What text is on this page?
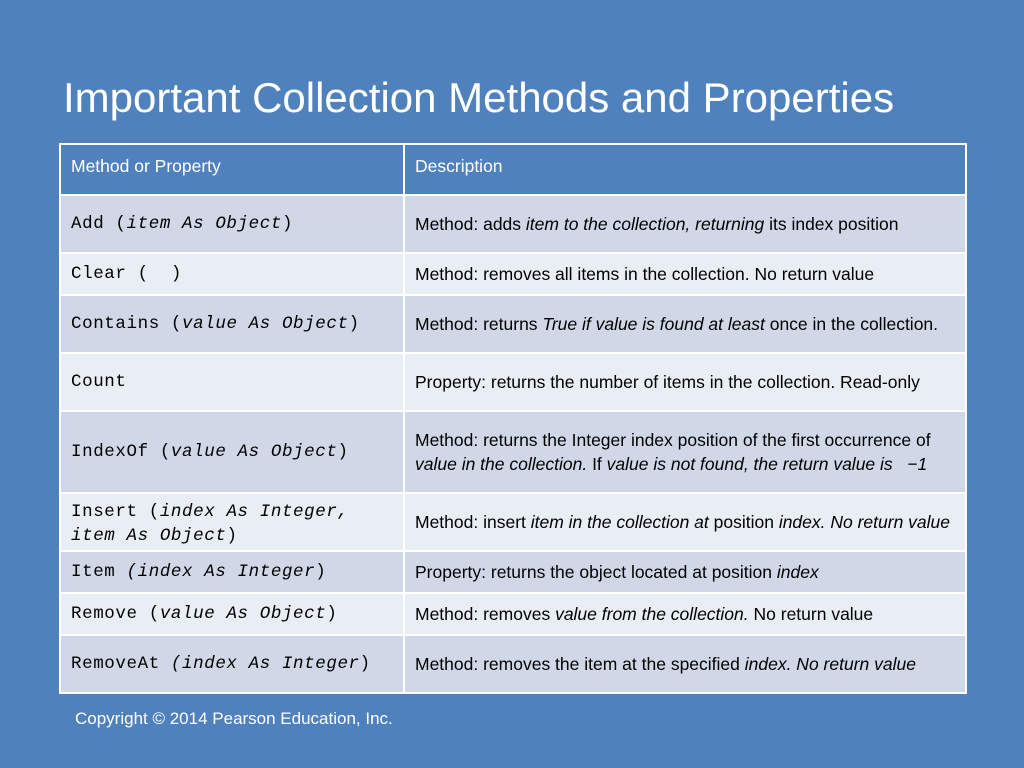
Important Collection Methods and Properties
Method or Property	Description
Add (item As Object)	Method: adds item to the collection, returning its index position
Clear (  )	Method: removes all items in the collection. No return value
Contains (value As Object)	Method: returns True if value is found at least once in the collection.
Count	Property: returns the number of items in the collection. Read-only
IndexOf (value As Object)	Method: returns the Integer index position of the first occurrence of value in the collection. If value is not found, the return value is   −1
Insert (index As Integer, item As Object)	Method: insert item in the collection at position index. No return value
Item (index As Integer)	Property: returns the object located at position index
Remove (value As Object)	Method: removes value from the collection. No return value
RemoveAt (index As Integer)	Method: removes the item at the specified index. No return value
Copyright © 2014 Pearson Education, Inc.
